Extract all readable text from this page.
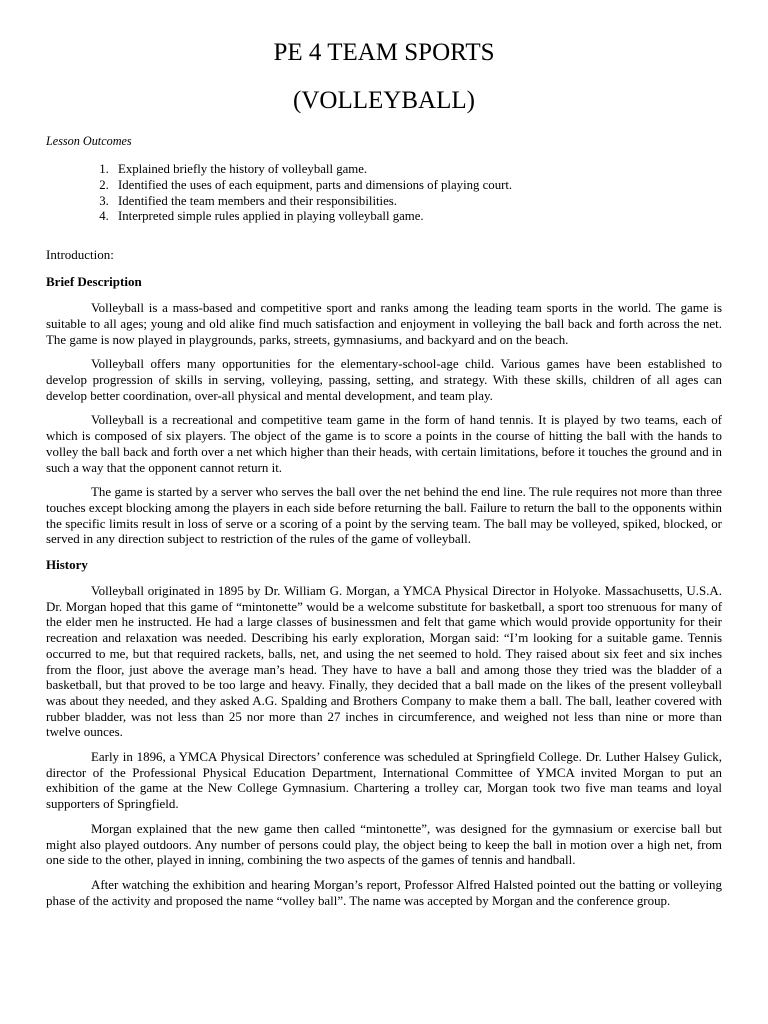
PE 4 TEAM SPORTS
(VOLLEYBALL)
Lesson Outcomes
1. Explained briefly the history of volleyball game.
2. Identified the uses of each equipment, parts and dimensions of playing court.
3. Identified the team members and their responsibilities.
4. Interpreted simple rules applied in playing volleyball game.
Introduction:
Brief Description

Volleyball is a mass-based and competitive sport and ranks among the leading team sports in the world. The game is suitable to all ages; young and old alike find much satisfaction and enjoyment in volleying the ball back and forth across the net. The game is now played in playgrounds, parks, streets, gymnasiums, and backyard and on the beach.

Volleyball offers many opportunities for the elementary-school-age child. Various games have been established to develop progression of skills in serving, volleying, passing, setting, and strategy. With these skills, children of all ages can develop better coordination, over-all physical and mental development, and team play.

Volleyball is a recreational and competitive team game in the form of hand tennis. It is played by two teams, each of which is composed of six players. The object of the game is to score a points in the course of hitting the ball with the hands to volley the ball back and forth over a net which higher than their heads, with certain limitations, before it touches the ground and in such a way that the opponent cannot return it.

The game is started by a server who serves the ball over the net behind the end line. The rule requires not more than three touches except blocking among the players in each side before returning the ball. Failure to return the ball to the opponents within the specific limits result in loss of serve or a scoring of a point by the serving team. The ball may be volleyed, spiked, blocked, or served in any direction subject to restriction of the rules of the game of volleyball.

History

Volleyball originated in 1895 by Dr. William G. Morgan, a YMCA Physical Director in Holyoke. Massachusetts, U.S.A. Dr. Morgan hoped that this game of “mintonette” would be a welcome substitute for basketball, a sport too strenuous for many of the elder men he instructed. He had a large classes of businessmen and felt that game which would provide opportunity for their recreation and relaxation was needed. Describing his early exploration, Morgan said: “I’m looking for a suitable game. Tennis occurred to me, but that required rackets, balls, net, and using the net seemed to hold. They raised about six feet and six inches from the floor, just above the average man’s head. They have to have a ball and among those they tried was the bladder of a basketball, but that proved to be too large and heavy. Finally, they decided that a ball made on the likes of the present volleyball was about they needed, and they asked A.G. Spalding and Brothers Company to make them a ball. The ball, leather covered with rubber bladder, was not less than 25 nor more than 27 inches in circumference, and weighed not less than nine or more than twelve ounces.

Early in 1896, a YMCA Physical Directors’ conference was scheduled at Springfield College. Dr. Luther Halsey Gulick, director of the Professional Physical Education Department, International Committee of YMCA invited Morgan to put an exhibition of the game at the New College Gymnasium. Chartering a trolley car, Morgan took two five man teams and loyal supporters of Springfield.

Morgan explained that the new game then called “mintonette”, was designed for the gymnasium or exercise ball but might also played outdoors. Any number of persons could play, the object being to keep the ball in motion over a high net, from one side to the other, played in inning, combining the two aspects of the games of tennis and handball.

After watching the exhibition and hearing Morgan’s report, Professor Alfred Halsted pointed out the batting or volleying phase of the activity and proposed the name “volley ball”. The name was accepted by Morgan and the conference group.
